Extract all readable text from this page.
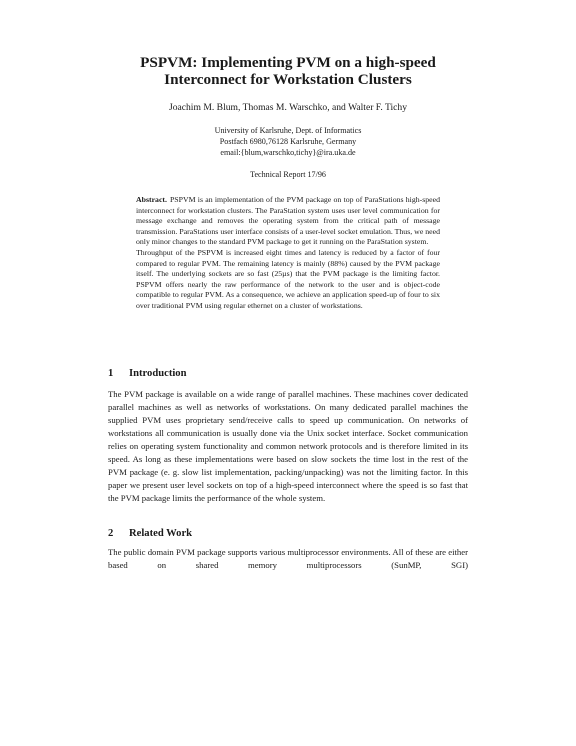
PSPVM: Implementing PVM on a high-speed
Interconnect for Workstation Clusters
Joachim M. Blum, Thomas M. Warschko, and Walter F. Tichy
University of Karlsruhe, Dept. of Informatics
Postfach 6980,76128 Karlsruhe, Germany
email:{blum,warschko,tichy}@ira.uka.de
Technical Report 17/96

Abstract. PSPVM is an implementation of the PVM package on top of ParaStations high-speed interconnect for workstation clusters. The ParaStation system uses user level communication for message exchange and removes the operating system from the critical path of message transmission. ParaStations user interface consists of a user-level socket emulation. Thus, we need only minor changes to the standard PVM package to get it running on the ParaStation system.

Throughput of the PSPVM is increased eight times and latency is reduced by a factor of four compared to regular PVM. The remaining latency is mainly (88%) caused by the PVM package itself. The underlying sockets are so fast (25µs) that the PVM package is the limiting factor. PSPVM offers nearly the raw performance of the network to the user and is object-code compatible to regular PVM. As a consequence, we achieve an application speed-up of four to six over traditional PVM using regular ethernet on a cluster of workstations.

1 Introduction

The PVM package is available on a wide range of parallel machines. These machines cover dedicated parallel machines as well as networks of workstations. On many dedicated parallel machines the supplied PVM uses proprietary send/receive calls to speed up communication. On networks of workstations all communication is usually done via the Unix socket interface. Socket communication relies on operating system functionality and common network protocols and is therefore limited in its speed. As long as these implementations were based on slow sockets the time lost in the rest of the PVM package (e. g. slow list implementation, packing/unpacking) was not the limiting factor. In this paper we present user level sockets on top of a high-speed interconnect where the speed is so fast that the PVM package limits the performance of the whole system.

2 Related Work

The public domain PVM package supports various multiprocessor environments. All of these are either based on shared memory multiprocessors (SunMP, SGI)
